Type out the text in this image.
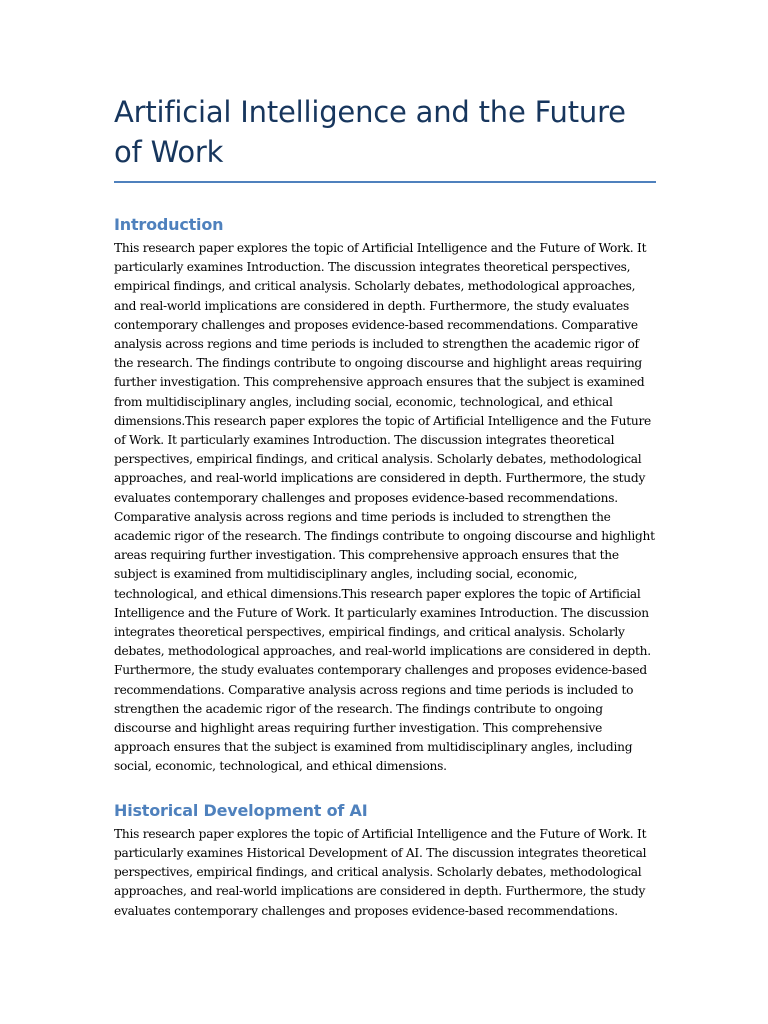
Artificial Intelligence and the Future of Work
Introduction

This research paper explores the topic of Artificial Intelligence and the Future of Work. It particularly examines Introduction. The discussion integrates theoretical perspectives, empirical findings, and critical analysis. Scholarly debates, methodological approaches, and real-world implications are considered in depth. Furthermore, the study evaluates contemporary challenges and proposes evidence-based recommendations. Comparative analysis across regions and time periods is included to strengthen the academic rigor of the research. The findings contribute to ongoing discourse and highlight areas requiring further investigation. This comprehensive approach ensures that the subject is examined from multidisciplinary angles, including social, economic, technological, and ethical dimensions.This research paper explores the topic of Artificial Intelligence and the Future of Work. It particularly examines Introduction. The discussion integrates theoretical perspectives, empirical findings, and critical analysis. Scholarly debates, methodological approaches, and real-world implications are considered in depth. Furthermore, the study evaluates contemporary challenges and proposes evidence-based recommendations. Comparative analysis across regions and time periods is included to strengthen the academic rigor of the research. The findings contribute to ongoing discourse and highlight areas requiring further investigation. This comprehensive approach ensures that the subject is examined from multidisciplinary angles, including social, economic, technological, and ethical dimensions.This research paper explores the topic of Artificial Intelligence and the Future of Work. It particularly examines Introduction. The discussion integrates theoretical perspectives, empirical findings, and critical analysis. Scholarly debates, methodological approaches, and real-world implications are considered in depth. Furthermore, the study evaluates contemporary challenges and proposes evidence-based recommendations. Comparative analysis across regions and time periods is included to strengthen the academic rigor of the research. The findings contribute to ongoing discourse and highlight areas requiring further investigation. This comprehensive approach ensures that the subject is examined from multidisciplinary angles, including social, economic, technological, and ethical dimensions.

Historical Development of AI

This research paper explores the topic of Artificial Intelligence and the Future of Work. It particularly examines Historical Development of AI. The discussion integrates theoretical perspectives, empirical findings, and critical analysis. Scholarly debates, methodological approaches, and real-world implications are considered in depth. Furthermore, the study evaluates contemporary challenges and proposes evidence-based recommendations.
